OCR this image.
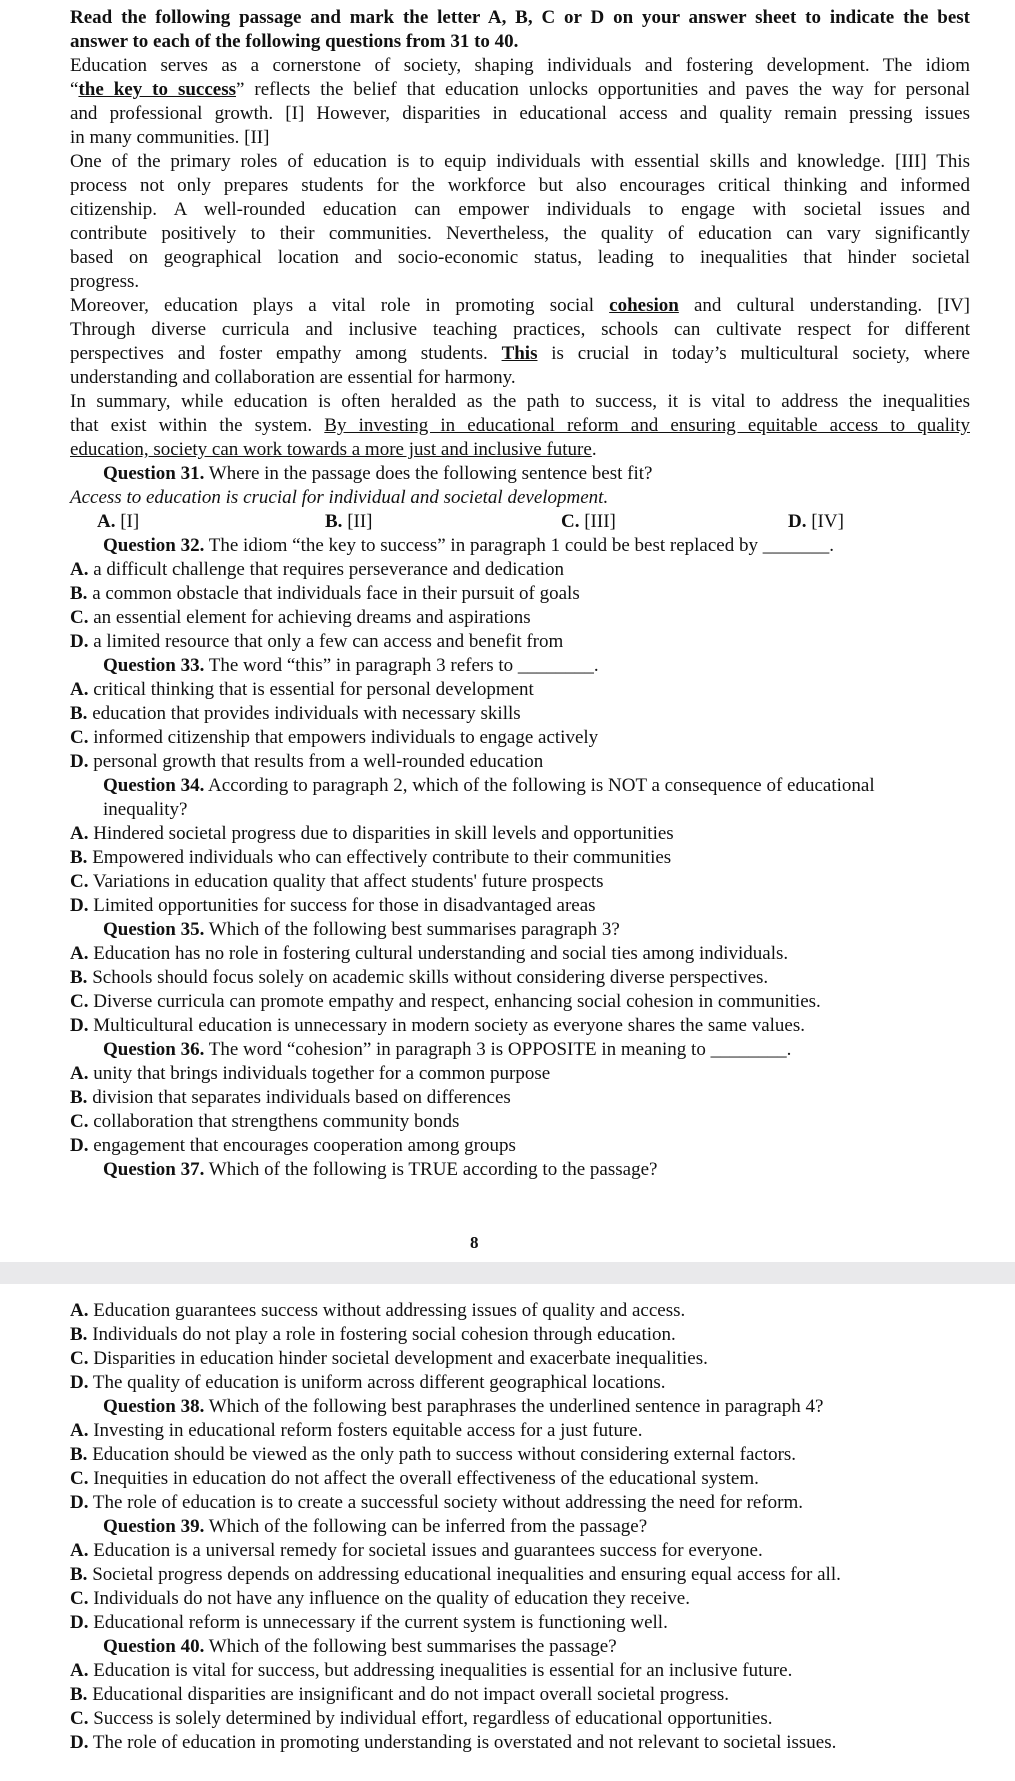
Read the following passage and mark the letter A, B, C or D on your answer sheet to indicate the best
answer to each of the following questions from 31 to 40.
Education serves as a cornerstone of society, shaping individuals and fostering development. The idiom
“the key to success” reflects the belief that education unlocks opportunities and paves the way for personal
and professional growth. [I] However, disparities in educational access and quality remain pressing issues
in many communities. [II]
One of the primary roles of education is to equip individuals with essential skills and knowledge. [III] This
process not only prepares students for the workforce but also encourages critical thinking and informed
citizenship. A well-rounded education can empower individuals to engage with societal issues and
contribute positively to their communities. Nevertheless, the quality of education can vary significantly
based on geographical location and socio-economic status, leading to inequalities that hinder societal
progress.
Moreover, education plays a vital role in promoting social cohesion and cultural understanding. [IV]
Through diverse curricula and inclusive teaching practices, schools can cultivate respect for different
perspectives and foster empathy among students. This is crucial in today’s multicultural society, where
understanding and collaboration are essential for harmony.
In summary, while education is often heralded as the path to success, it is vital to address the inequalities
that exist within the system. By investing in educational reform and ensuring equitable access to quality
education, society can work towards a more just and inclusive future.
Question 31. Where in the passage does the following sentence best fit?
Access to education is crucial for individual and societal development.
A. [I]	B. [II]	C. [III]	D. [IV]
Question 32. The idiom “the key to success” in paragraph 1 could be best replaced by _______.
A. a difficult challenge that requires perseverance and dedication
B. a common obstacle that individuals face in their pursuit of goals
C. an essential element for achieving dreams and aspirations
D. a limited resource that only a few can access and benefit from
Question 33. The word “this” in paragraph 3 refers to ________.
A. critical thinking that is essential for personal development
B. education that provides individuals with necessary skills
C. informed citizenship that empowers individuals to engage actively
D. personal growth that results from a well-rounded education
Question 34. According to paragraph 2, which of the following is NOT a consequence of educational
inequality?
A. Hindered societal progress due to disparities in skill levels and opportunities
B. Empowered individuals who can effectively contribute to their communities
C. Variations in education quality that affect students' future prospects
D. Limited opportunities for success for those in disadvantaged areas
Question 35. Which of the following best summarises paragraph 3?
A. Education has no role in fostering cultural understanding and social ties among individuals.
B. Schools should focus solely on academic skills without considering diverse perspectives.
C. Diverse curricula can promote empathy and respect, enhancing social cohesion in communities.
D. Multicultural education is unnecessary in modern society as everyone shares the same values.
Question 36. The word “cohesion” in paragraph 3 is OPPOSITE in meaning to ________.
A. unity that brings individuals together for a common purpose
B. division that separates individuals based on differences
C. collaboration that strengthens community bonds
D. engagement that encourages cooperation among groups
Question 37. Which of the following is TRUE according to the passage?
8
A. Education guarantees success without addressing issues of quality and access.
B. Individuals do not play a role in fostering social cohesion through education.
C. Disparities in education hinder societal development and exacerbate inequalities.
D. The quality of education is uniform across different geographical locations.
Question 38. Which of the following best paraphrases the underlined sentence in paragraph 4?
A. Investing in educational reform fosters equitable access for a just future.
B. Education should be viewed as the only path to success without considering external factors.
C. Inequities in education do not affect the overall effectiveness of the educational system.
D. The role of education is to create a successful society without addressing the need for reform.
Question 39. Which of the following can be inferred from the passage?
A. Education is a universal remedy for societal issues and guarantees success for everyone.
B. Societal progress depends on addressing educational inequalities and ensuring equal access for all.
C. Individuals do not have any influence on the quality of education they receive.
D. Educational reform is unnecessary if the current system is functioning well.
Question 40. Which of the following best summarises the passage?
A. Education is vital for success, but addressing inequalities is essential for an inclusive future.
B. Educational disparities are insignificant and do not impact overall societal progress.
C. Success is solely determined by individual effort, regardless of educational opportunities.
D. The role of education in promoting understanding is overstated and not relevant to societal issues.
